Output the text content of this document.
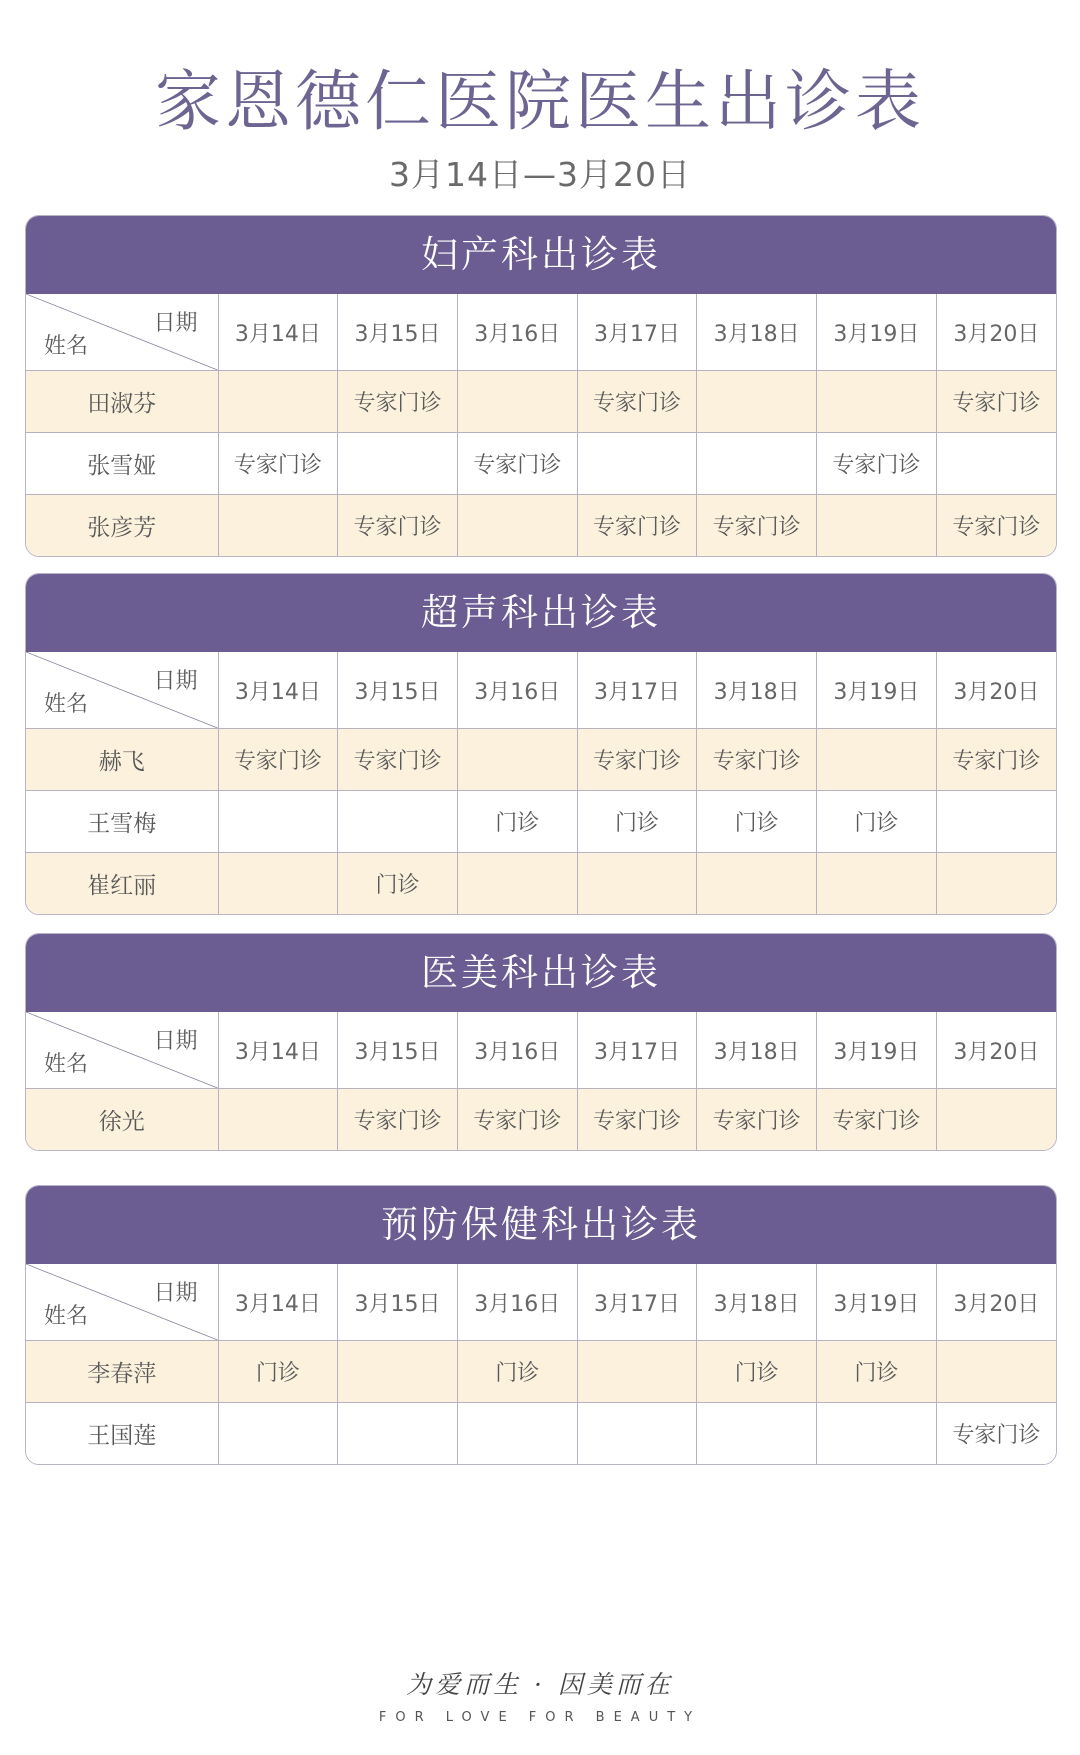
家恩德仁医院医生出诊表
3月14日—3月20日
妇产科出诊表
日期
姓名	3月14日	3月15日	3月16日	3月17日	3月18日	3月19日	3月20日
田淑芬		专家门诊		专家门诊			专家门诊
张雪娅	专家门诊		专家门诊			专家门诊	
张彦芳		专家门诊		专家门诊	专家门诊		专家门诊
超声科出诊表
日期
姓名	3月14日	3月15日	3月16日	3月17日	3月18日	3月19日	3月20日
赫飞	专家门诊	专家门诊		专家门诊	专家门诊		专家门诊
王雪梅			门诊	门诊	门诊	门诊	
崔红丽		门诊					
医美科出诊表
日期
姓名	3月14日	3月15日	3月16日	3月17日	3月18日	3月19日	3月20日
徐光		专家门诊	专家门诊	专家门诊	专家门诊	专家门诊	
预防保健科出诊表
日期
姓名	3月14日	3月15日	3月16日	3月17日	3月18日	3月19日	3月20日
李春萍	门诊		门诊		门诊	门诊	
王国莲							专家门诊
为爱而生 · 因美而在
FOR LOVE FOR BEAUTY
